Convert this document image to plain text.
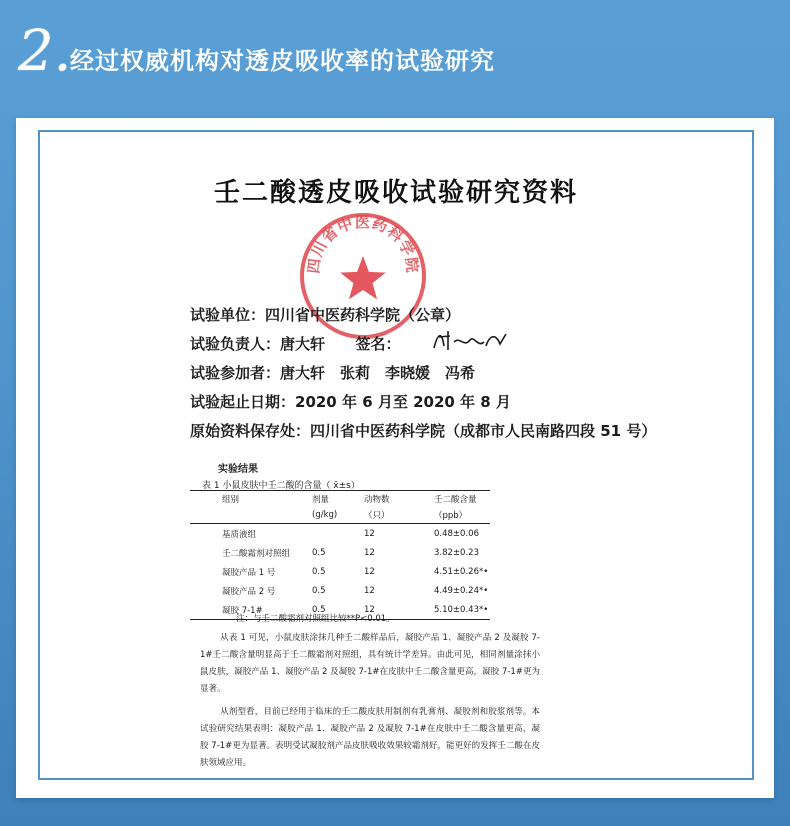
2.
经过权威机构对透皮吸收率的试验研究
壬二酸透皮吸收试验研究资料
四川省中医药科学院
试验单位：四川省中医药科学院（公章）
试验负责人：唐大轩 签名：
试验参加者：唐大轩　张莉　李晓媛　冯希
试验起止日期：2020 年 6 月至 2020 年 8 月
原始资料保存处：四川省中医药科学院（成都市人民南路四段 51 号）
实验结果
表 1 小鼠皮肤中壬二酸的含量（ x̄±s）
组别	剂量	动物数	壬二酸含量
	(g/kg)	（只）	（ppb）
基质液组		12	0.48±0.06
壬二酸霜剂对照组	0.5	12	3.82±0.23
凝胶产品 1 号	0.5	12	4.51±0.26*•
凝胶产品 2 号	0.5	12	4.49±0.24*•
凝胶 7-1#	0.5	12	5.10±0.43*•
注：与壬二酸霜剂对照组比较**P<0.01。
从表 1 可见，小鼠皮肤涂抹几种壬二酸样品后，凝胶产品 1、凝胶产品 2 及凝胶 7-1#壬二酸含量明显高于壬二酸霜剂对照组，具有统计学差异。由此可见，相同剂量涂抹小鼠皮肤，凝胶产品 1、凝胶产品 2 及凝胶 7-1#在皮肤中壬二酸含量更高，凝胶 7-1#更为显著。
从剂型看，目前已经用于临床的壬二酸皮肤用制剂有乳膏剂、凝胶剂和胶浆剂等。本试验研究结果表明：凝胶产品 1、凝胶产品 2 及凝胶 7-1#在皮肤中壬二酸含量更高，凝胶 7-1#更为显著。表明受试凝胶剂产品皮肤吸收效果较霜剂好，能更好的发挥壬二酸在皮肤领域应用。
